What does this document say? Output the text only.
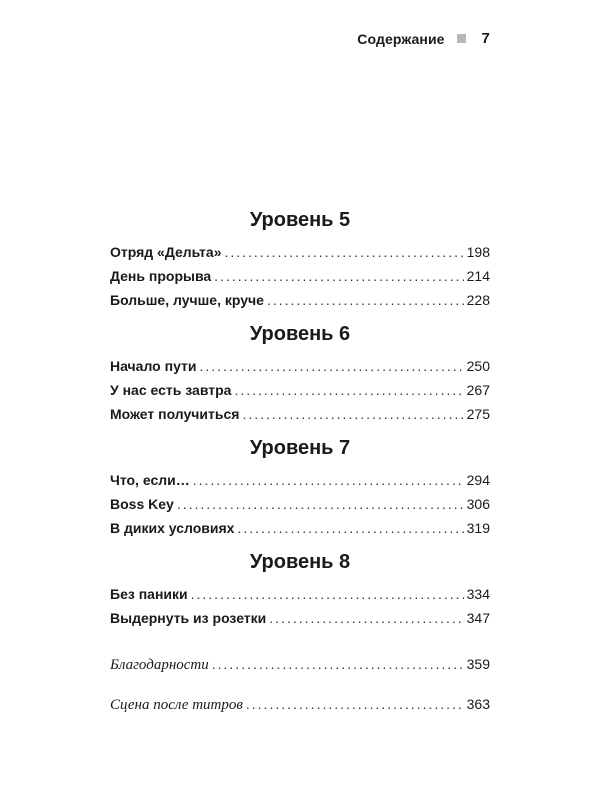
Содержание 7
Уровень 5
Отряд «Дельта» .....	198
День прорыва .....	214
Больше, лучше, круче .....	228
Уровень 6
Начало пути .....	250
У нас есть завтра .....	267
Может получиться .....	275
Уровень 7
Что, если… .....	294
Boss Key .....	306
В диких условиях .....	319
Уровень 8
Без паники .....	334
Выдернуть из розетки .....	347
Благодарности .....	359
Сцена после титров .....	363
